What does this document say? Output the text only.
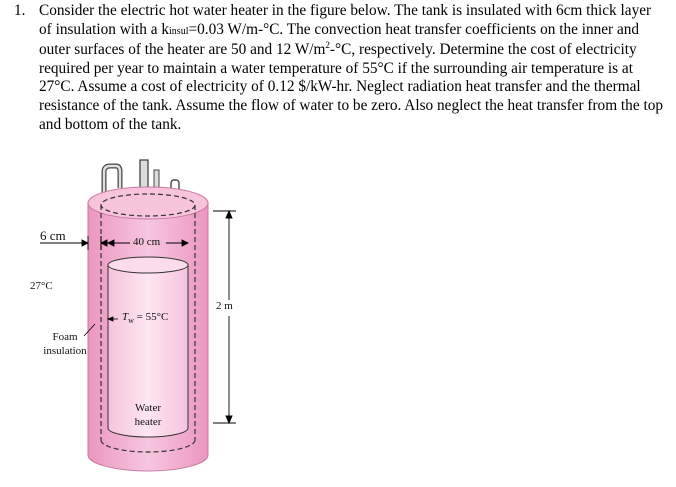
1. Consider the electric hot water heater in the figure below. The tank is insulated with 6cm thick layer of insulation with a kinsul=0.03 W/m-°C. The convection heat transfer coefficients on the inner and outer surfaces of the heater are 50 and 12 $W/m^2-^\circ C$, respectively. Determine the cost of electricity required per year to maintain a water temperature of 55°C if the surrounding air temperature is at 27°C. Assume a cost of electricity of 0.12 $/kW-hr. Neglect radiation heat transfer and the thermal resistance of the tank. Assume the flow of water to be zero. Also neglect the heat transfer from the top and bottom of the tank.
6 cm	40 cm
27°C
2 m
$T_w = 55^\circ C$
Foam
insulation
Water
heater
